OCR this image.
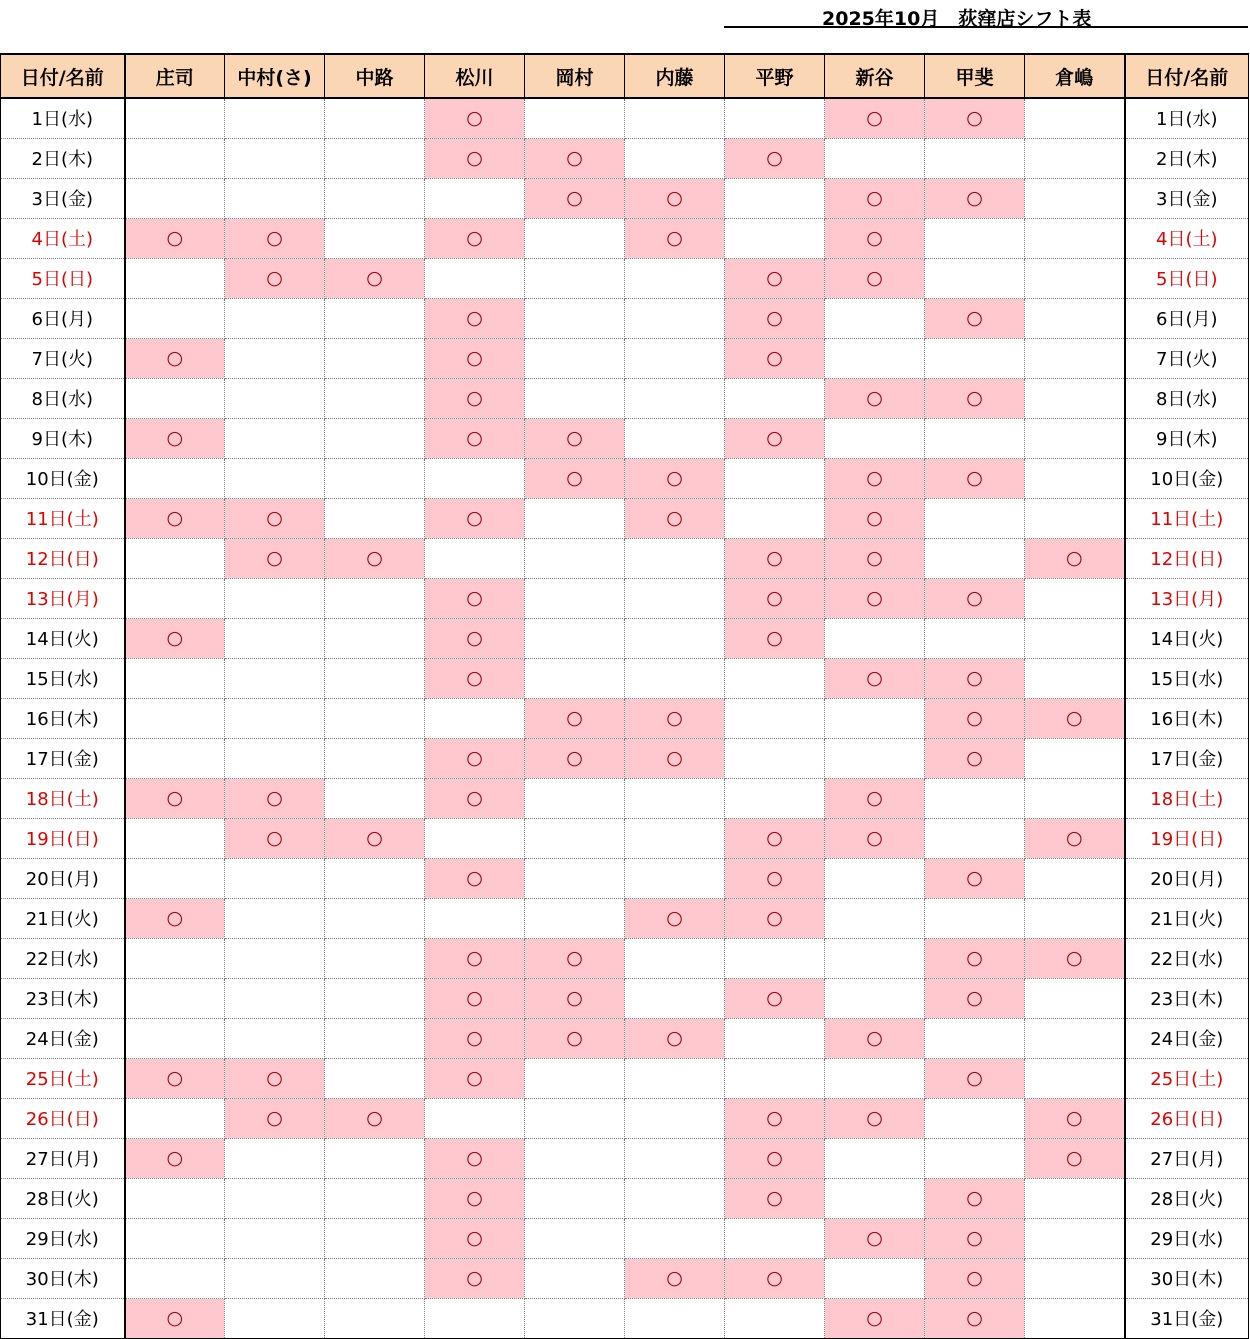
2025年10月　荻窪店シフト表
日付/名前	庄司	中村(さ)	中路	松川	岡村	内藤	平野	新谷	甲斐	倉嶋	日付/名前
1日(水)				○				○	○		1日(水)
2日(木)				○	○		○				2日(木)
3日(金)					○	○		○	○		3日(金)
4日(土)	○	○		○		○		○			4日(土)
5日(日)		○	○				○	○			5日(日)
6日(月)				○			○		○		6日(月)
7日(火)	○			○			○				7日(火)
8日(水)				○				○	○		8日(水)
9日(木)	○			○	○		○				9日(木)
10日(金)					○	○		○	○		10日(金)
11日(土)	○	○		○		○		○			11日(土)
12日(日)		○	○				○	○		○	12日(日)
13日(月)				○			○	○	○		13日(月)
14日(火)	○			○			○				14日(火)
15日(水)				○				○	○		15日(水)
16日(木)					○	○			○	○	16日(木)
17日(金)				○	○	○			○		17日(金)
18日(土)	○	○		○				○			18日(土)
19日(日)		○	○				○	○		○	19日(日)
20日(月)				○			○		○		20日(月)
21日(火)	○					○	○				21日(火)
22日(水)				○	○				○	○	22日(水)
23日(木)				○	○		○		○		23日(木)
24日(金)				○	○	○		○			24日(金)
25日(土)	○	○		○					○		25日(土)
26日(日)		○	○				○	○		○	26日(日)
27日(月)	○			○			○			○	27日(月)
28日(火)				○			○		○		28日(火)
29日(水)				○				○	○		29日(水)
30日(木)				○		○	○		○		30日(木)
31日(金)	○							○	○		31日(金)
